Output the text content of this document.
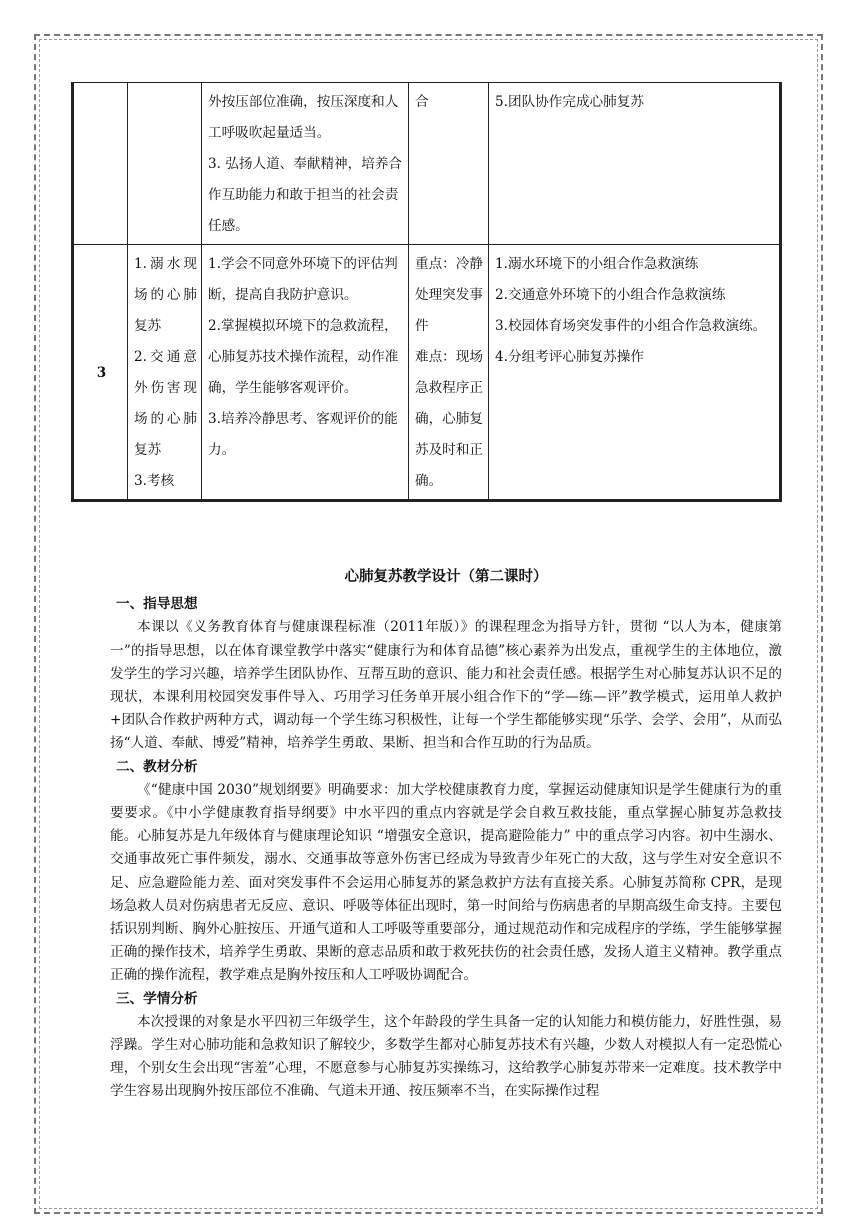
		外按压部位准确，按压深度和人工呼吸吹起量适当。
3. 弘扬人道、奉献精神，培养合作互助能力和敢于担当的社会责任感。	合	5.团队协作完成心肺复苏

3	1.溺水现场的心肺复苏
2.交通意外伤害现场的心肺复苏
3.考核	1.学会不同意外环境下的评估判断，提高自我防护意识。
2.掌握模拟环境下的急救流程，心肺复苏技术操作流程，动作准确，学生能够客观评价。
3.培养冷静思考、客观评价的能力。	重点：冷静处理突发事件
难点：现场急救程序正确，心肺复苏及时和正确。	1.溺水环境下的小组合作急救演练
2.交通意外环境下的小组合作急救演练
3.校园体育场突发事件的小组合作急救演练。
4.分组考评心肺复苏操作

心肺复苏教学设计（第二课时）

一、指导思想

本课以《义务教育体育与健康课程标准（2011年版）》的课程理念为指导方针，贯彻 “以人为本，健康第一”的指导思想，以在体育课堂教学中落实“健康行为和体育品德”核心素养为出发点，重视学生的主体地位，激发学生的学习兴趣，培养学生团队协作、互帮互助的意识、能力和社会责任感。根据学生对心肺复苏认识不足的现状，本课利用校园突发事件导入、巧用学习任务单开展小组合作下的“学—练—评”教学模式，运用单人救护+团队合作救护两种方式，调动每一个学生练习积极性，让每一个学生都能够实现“乐学、会学、会用”，从而弘扬“人道、奉献、博爱”精神，培养学生勇敢、果断、担当和合作互助的行为品质。

二、教材分析

《“健康中国 2030”规划纲要》明确要求：加大学校健康教育力度，掌握运动健康知识是学生健康行为的重要要求。《中小学健康教育指导纲要》中水平四的重点内容就是学会自救互救技能，重点掌握心肺复苏急救技能。心肺复苏是九年级体育与健康理论知识 “增强安全意识，提高避险能力” 中的重点学习内容。初中生溺水、交通事故死亡事件频发，溺水、交通事故等意外伤害已经成为导致青少年死亡的大敌，这与学生对安全意识不足、应急避险能力差、面对突发事件不会运用心肺复苏的紧急救护方法有直接关系。心肺复苏简称 CPR，是现场急救人员对伤病患者无反应、意识、呼吸等体征出现时，第一时间给与伤病患者的早期高级生命支持。主要包括识别判断、胸外心脏按压、开通气道和人工呼吸等重要部分，通过规范动作和完成程序的学练，学生能够掌握正确的操作技术，培养学生勇敢、果断的意志品质和敢于救死扶伤的社会责任感，发扬人道主义精神。教学重点正确的操作流程，教学难点是胸外按压和人工呼吸协调配合。

三、学情分析

本次授课的对象是水平四初三年级学生，这个年龄段的学生具备一定的认知能力和模仿能力，好胜性强，易浮躁。学生对心肺功能和急救知识了解较少，多数学生都对心肺复苏技术有兴趣，少数人对模拟人有一定恐慌心理，个别女生会出现“害羞”心理，不愿意参与心肺复苏实操练习，这给教学心肺复苏带来一定难度。技术教学中学生容易出现胸外按压部位不准确、气道未开通、按压频率不当，在实际操作过程
